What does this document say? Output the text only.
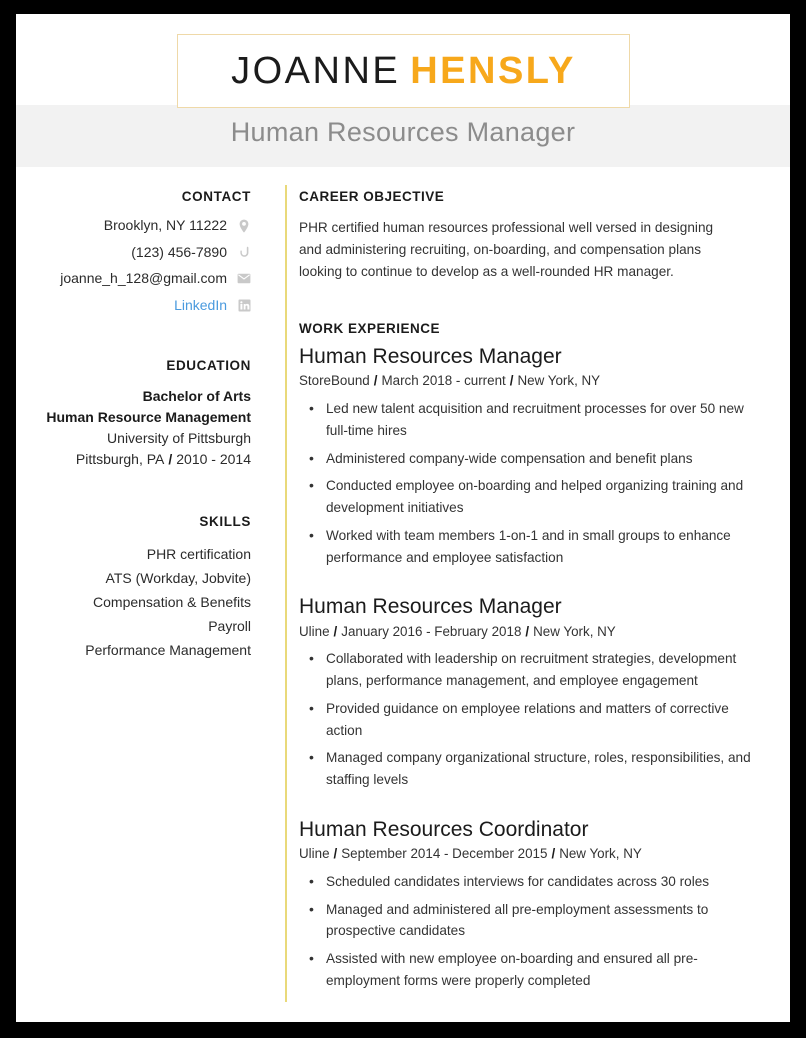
JOANNE HENSLY
Human Resources Manager
CONTACT
Brooklyn, NY 11222
(123) 456-7890
joanne_h_128@gmail.com
LinkedIn
EDUCATION
Bachelor of Arts
Human Resource Management
University of Pittsburgh
Pittsburgh, PA / 2010 - 2014
SKILLS
PHR certification
ATS (Workday, Jobvite)
Compensation & Benefits
Payroll
Performance Management
CAREER OBJECTIVE

PHR certified human resources professional well versed in designing and administering recruiting, on-boarding, and compensation plans looking to continue to develop as a well-rounded HR manager.

WORK EXPERIENCE
Human Resources Manager
StoreBound / March 2018 - current / New York, NY
• Led new talent acquisition and recruitment processes for over 50 new full-time hires
• Administered company-wide compensation and benefit plans
• Conducted employee on-boarding and helped organizing training and development initiatives
• Worked with team members 1-on-1 and in small groups to enhance performance and employee satisfaction
Human Resources Manager
Uline / January 2016 - February 2018 / New York, NY
• Collaborated with leadership on recruitment strategies, development plans, performance management, and employee engagement
• Provided guidance on employee relations and matters of corrective action
• Managed company organizational structure, roles, responsibilities, and staffing levels
Human Resources Coordinator
Uline / September 2014 - December 2015 / New York, NY
• Scheduled candidates interviews for candidates across 30 roles
• Managed and administered all pre-employment assessments to prospective candidates
• Assisted with new employee on-boarding and ensured all pre-employment forms were properly completed
